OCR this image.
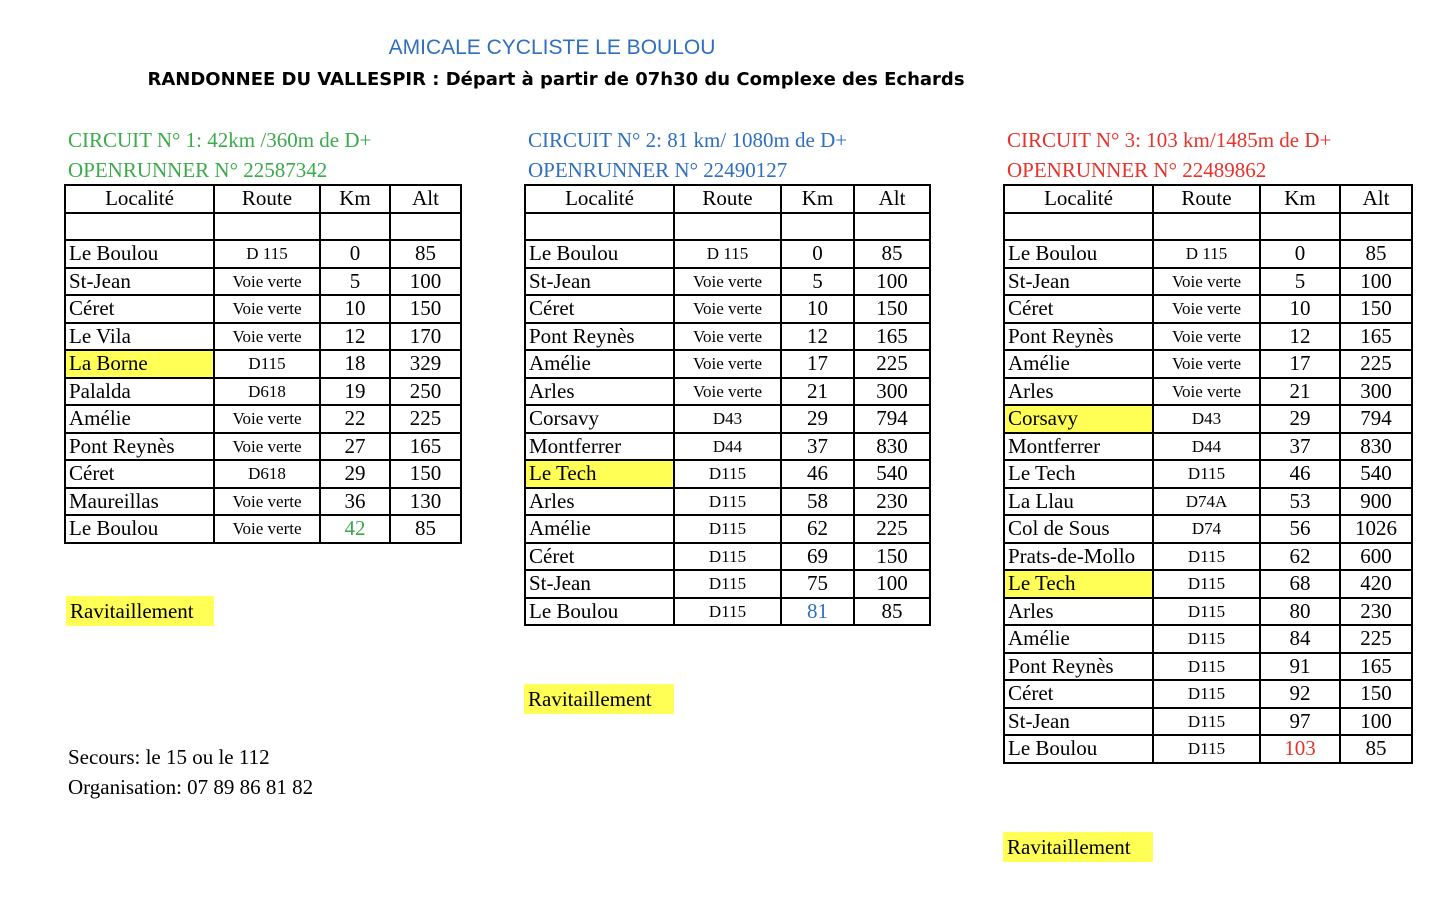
AMICALE CYCLISTE LE BOULOU
RANDONNEE DU VALLESPIR : Départ à partir de 07h30 du Complexe des Echards
CIRCUIT N° 1: 42km /360m de D+
OPENRUNNER N° 22587342
Localité	Route	Km	Alt

Le Boulou	D 115	0	85
St-Jean	Voie verte	5	100
Céret	Voie verte	10	150
Le Vila	Voie verte	12	170
La Borne	D115	18	329
Palalda	D618	19	250
Amélie	Voie verte	22	225
Pont Reynès	Voie verte	27	165
Céret	D618	29	150
Maureillas	Voie verte	36	130
Le Boulou	Voie verte	42	85
Ravitaillement
Secours: le 15 ou le 112
Organisation: 07 89 86 81 82
CIRCUIT N° 2: 81 km/ 1080m de D+
OPENRUNNER N° 22490127
Localité	Route	Km	Alt

Le Boulou	D 115	0	85
St-Jean	Voie verte	5	100
Céret	Voie verte	10	150
Pont Reynès	Voie verte	12	165
Amélie	Voie verte	17	225
Arles	Voie verte	21	300
Corsavy	D43	29	794
Montferrer	D44	37	830
Le Tech	D115	46	540
Arles	D115	58	230
Amélie	D115	62	225
Céret	D115	69	150
St-Jean	D115	75	100
Le Boulou	D115	81	85
Ravitaillement
CIRCUIT N° 3: 103 km/1485m de D+
OPENRUNNER N° 22489862
Localité	Route	Km	Alt

Le Boulou	D 115	0	85
St-Jean	Voie verte	5	100
Céret	Voie verte	10	150
Pont Reynès	Voie verte	12	165
Amélie	Voie verte	17	225
Arles	Voie verte	21	300
Corsavy	D43	29	794
Montferrer	D44	37	830
Le Tech	D115	46	540
La Llau	D74A	53	900
Col de Sous	D74	56	1026
Prats-de-Mollo	D115	62	600
Le Tech	D115	68	420
Arles	D115	80	230
Amélie	D115	84	225
Pont Reynès	D115	91	165
Céret	D115	92	150
St-Jean	D115	97	100
Le Boulou	D115	103	85
Ravitaillement
